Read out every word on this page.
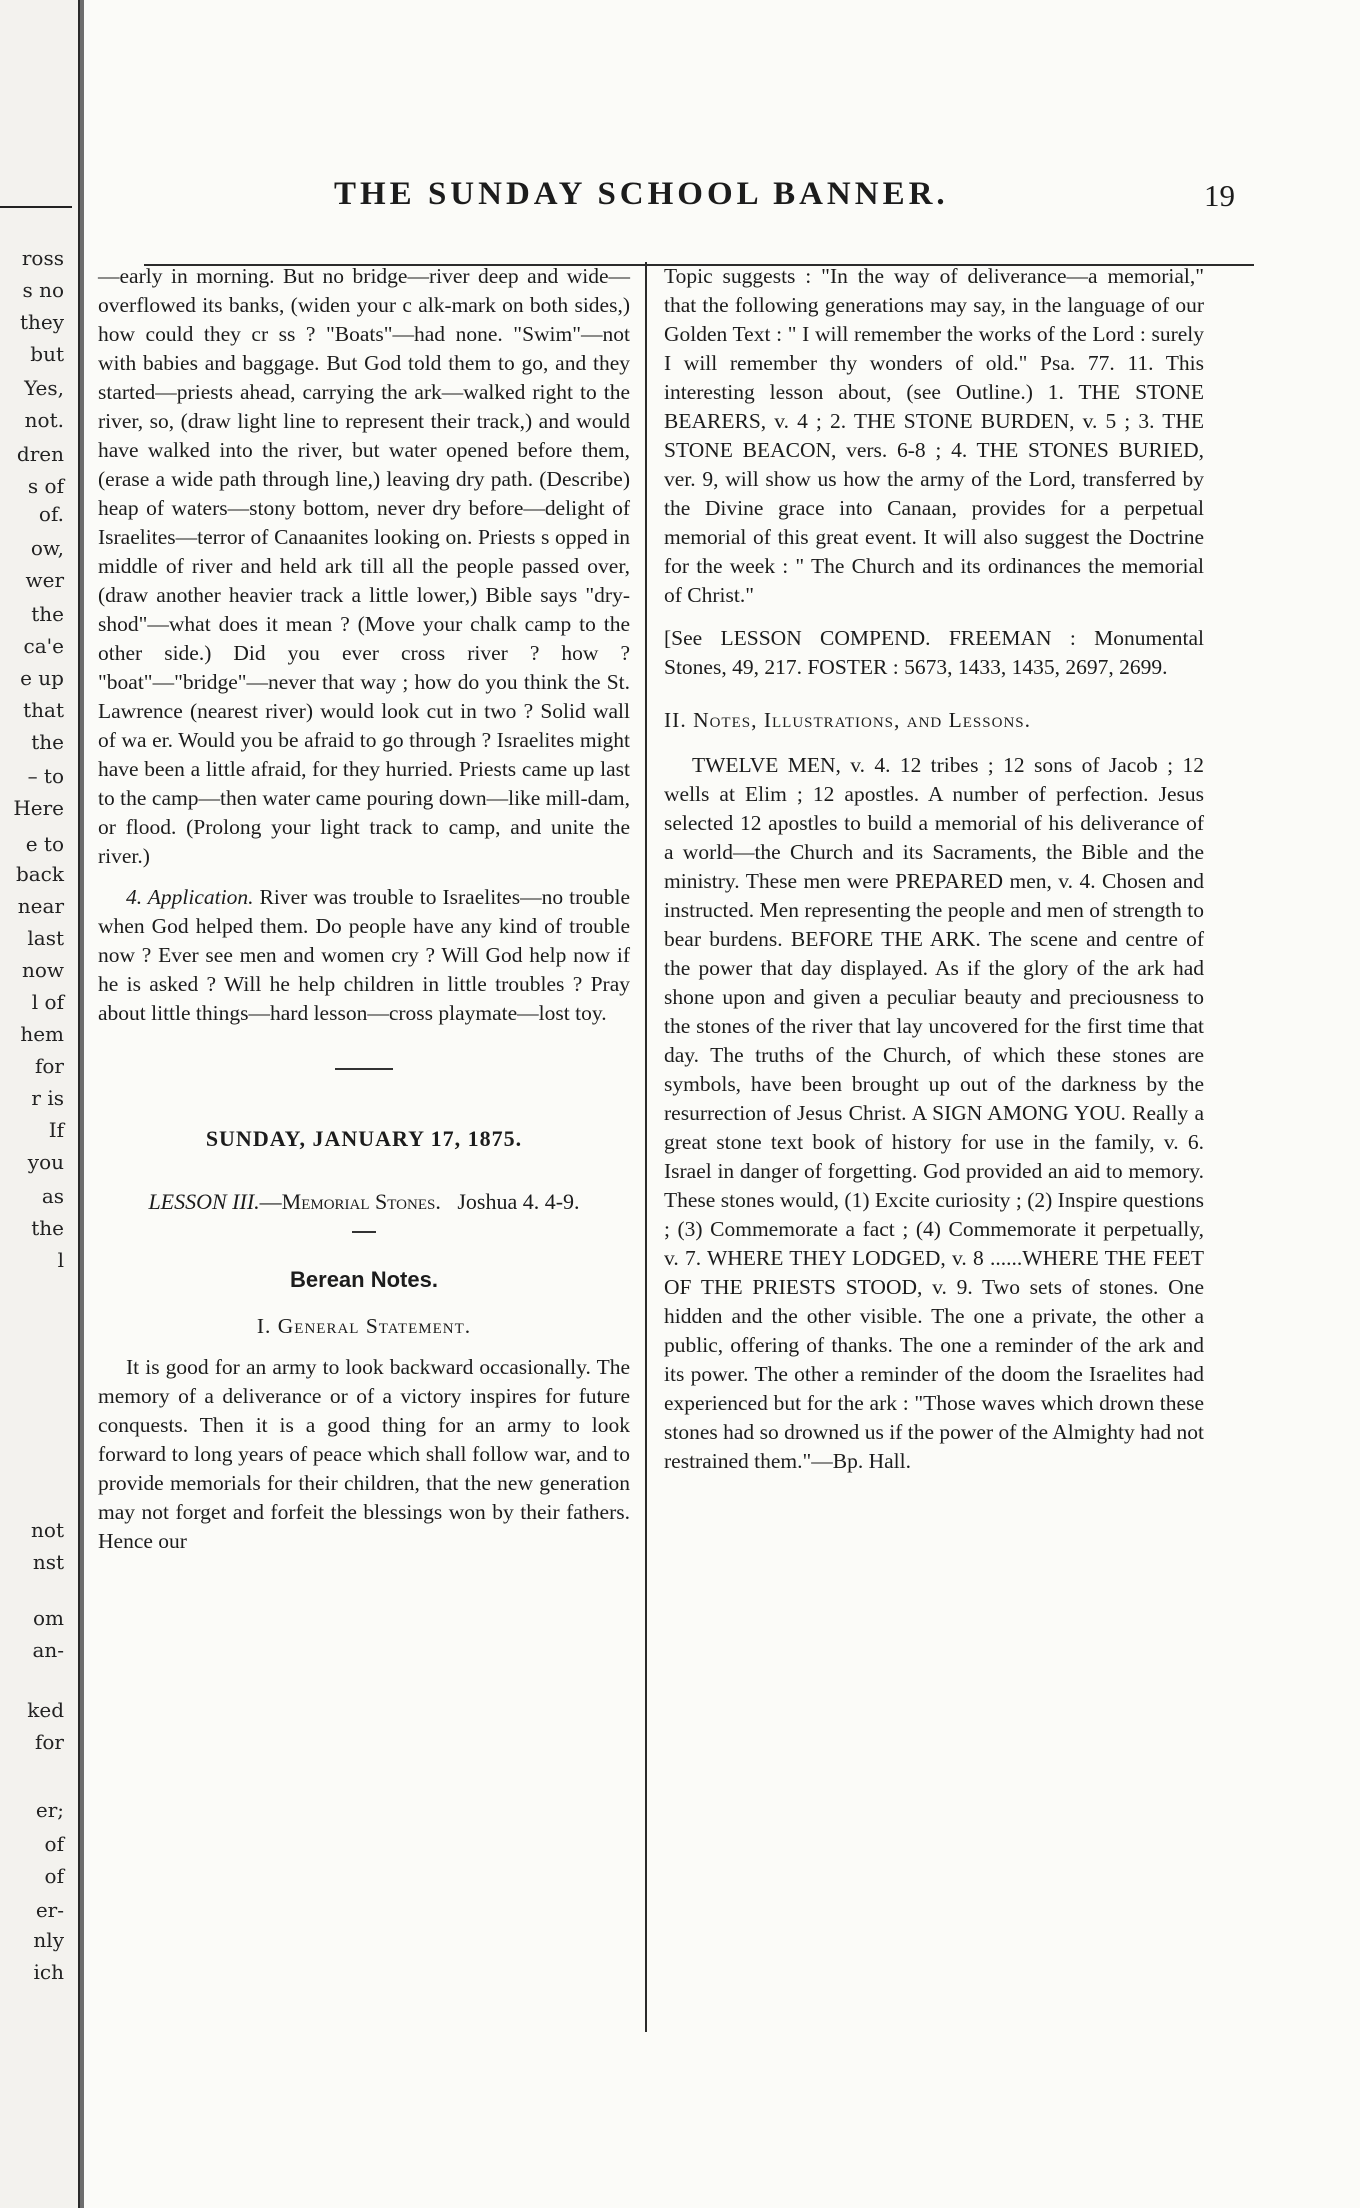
ross
s no
they
but
Yes,
not.
dren
s of
of.
ow,
wer
the
ca'e
e up
that
the
– to
Here
e to
back
near
last
now
l of
hem
for
r is
If
you
as
the
l
not
nst
om
an-
ked
for
er;
of
of
er-
nly
ich
THE SUNDAY SCHOOL BANNER.	19

—early in morning. But no bridge—river deep and wide—overflowed its banks, (widen your c alk-mark on both sides,) how could they cr ss ? "Boats"—had none. "Swim"—not with babies and baggage. But God told them to go, and they started—priests ahead, carrying the ark—walked right to the river, so, (draw light line to represent their track,) and would have walked into the river, but water opened before them, (erase a wide path through line,) leaving dry path. (Describe) heap of waters—stony bottom, never dry before—delight of Israelites—terror of Canaanites looking on. Priests s opped in middle of river and held ark till all the people passed over, (draw another heavier track a little lower,) Bible says "dry-shod"—what does it mean ? (Move your chalk camp to the other side.) Did you ever cross river ? how ? "boat"—"bridge"—never that way ; how do you think the St. Lawrence (nearest river) would look cut in two ? Solid wall of wa er. Would you be afraid to go through ? Israelites might have been a little afraid, for they hurried. Priests came up last to the camp—then water came pouring down—like mill-dam, or flood. (Prolong your light track to camp, and unite the river.)

4. Application. River was trouble to Israelites—no trouble when God helped them. Do people have any kind of trouble now ? Ever see men and women cry ? Will God help now if he is asked ? Will he help children in little troubles ? Pray about little things—hard lesson—cross playmate—lost toy.

SUNDAY, JANUARY 17, 1875.
LESSON III.—Memorial Stones. Joshua 4. 4-9.
Berean Notes.
I. General Statement.

It is good for an army to look backward occasionally. The memory of a deliverance or of a victory inspires for future conquests. Then it is a good thing for an army to look forward to long years of peace which shall follow war, and to provide memorials for their children, that the new generation may not forget and forfeit the blessings won by their fathers. Hence our

Topic suggests : "In the way of deliverance—a memorial," that the following generations may say, in the language of our Golden Text : " I will remember the works of the Lord : surely I will remember thy wonders of old." Psa. 77. 11. This interesting lesson about, (see Outline.) 1. THE STONE BEARERS, v. 4 ; 2. THE STONE BURDEN, v. 5 ; 3. THE STONE BEACON, vers. 6-8 ; 4. THE STONES BURIED, ver. 9, will show us how the army of the Lord, transferred by the Divine grace into Canaan, provides for a perpetual memorial of this great event. It will also suggest the Doctrine for the week : " The Church and its ordinances the memorial of Christ."

[See LESSON COMPEND. FREEMAN : Monumental Stones, 49, 217. FOSTER : 5673, 1433, 1435, 2697, 2699.

II. Notes, Illustrations, and Lessons.

TWELVE MEN, v. 4. 12 tribes ; 12 sons of Jacob ; 12 wells at Elim ; 12 apostles. A number of perfection. Jesus selected 12 apostles to build a memorial of his deliverance of a world—the Church and its Sacraments, the Bible and the ministry. These men were PREPARED men, v. 4. Chosen and instructed. Men representing the people and men of strength to bear burdens. BEFORE THE ARK. The scene and centre of the power that day displayed. As if the glory of the ark had shone upon and given a peculiar beauty and preciousness to the stones of the river that lay uncovered for the first time that day. The truths of the Church, of which these stones are symbols, have been brought up out of the darkness by the resurrection of Jesus Christ. A SIGN AMONG YOU. Really a great stone text book of history for use in the family, v. 6. Israel in danger of forgetting. God provided an aid to memory. These stones would, (1) Excite curiosity ; (2) Inspire questions ; (3) Commemorate a fact ; (4) Commemorate it perpetually, v. 7. WHERE THEY LODGED, v. 8 ......WHERE THE FEET OF THE PRIESTS STOOD, v. 9. Two sets of stones. One hidden and the other visible. The one a private, the other a public, offering of thanks. The one a reminder of the ark and its power. The other a reminder of the doom the Israelites had experienced but for the ark : "Those waves which drown these stones had so drowned us if the power of the Almighty had not restrained them."—Bp. Hall.
